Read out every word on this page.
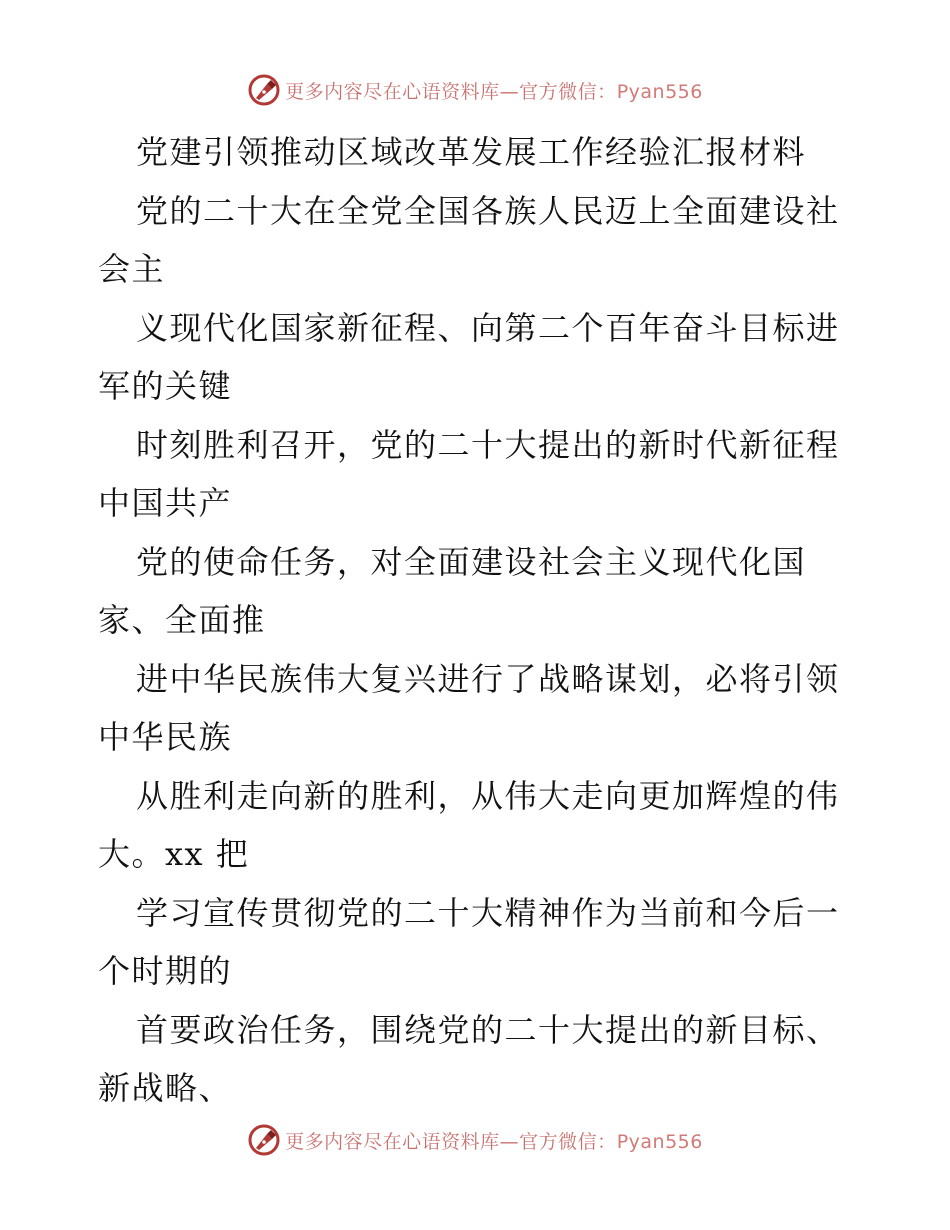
更多内容尽在心语资料库—官方微信：Pyan556
党建引领推动区域改革发展工作经验汇报材料
党的二十大在全党全国各族人民迈上全面建设社
会主
义现代化国家新征程、向第二个百年奋斗目标进
军的关键
时刻胜利召开，党的二十大提出的新时代新征程
中国共产
党的使命任务，对全面建设社会主义现代化国
家、全面推
进中华民族伟大复兴进行了战略谋划，必将引领
中华民族
从胜利走向新的胜利，从伟大走向更加辉煌的伟
大。xx 把
学习宣传贯彻党的二十大精神作为当前和今后一
个时期的
首要政治任务，围绕党的二十大提出的新目标、
新战略、
更多内容尽在心语资料库—官方微信：Pyan556
